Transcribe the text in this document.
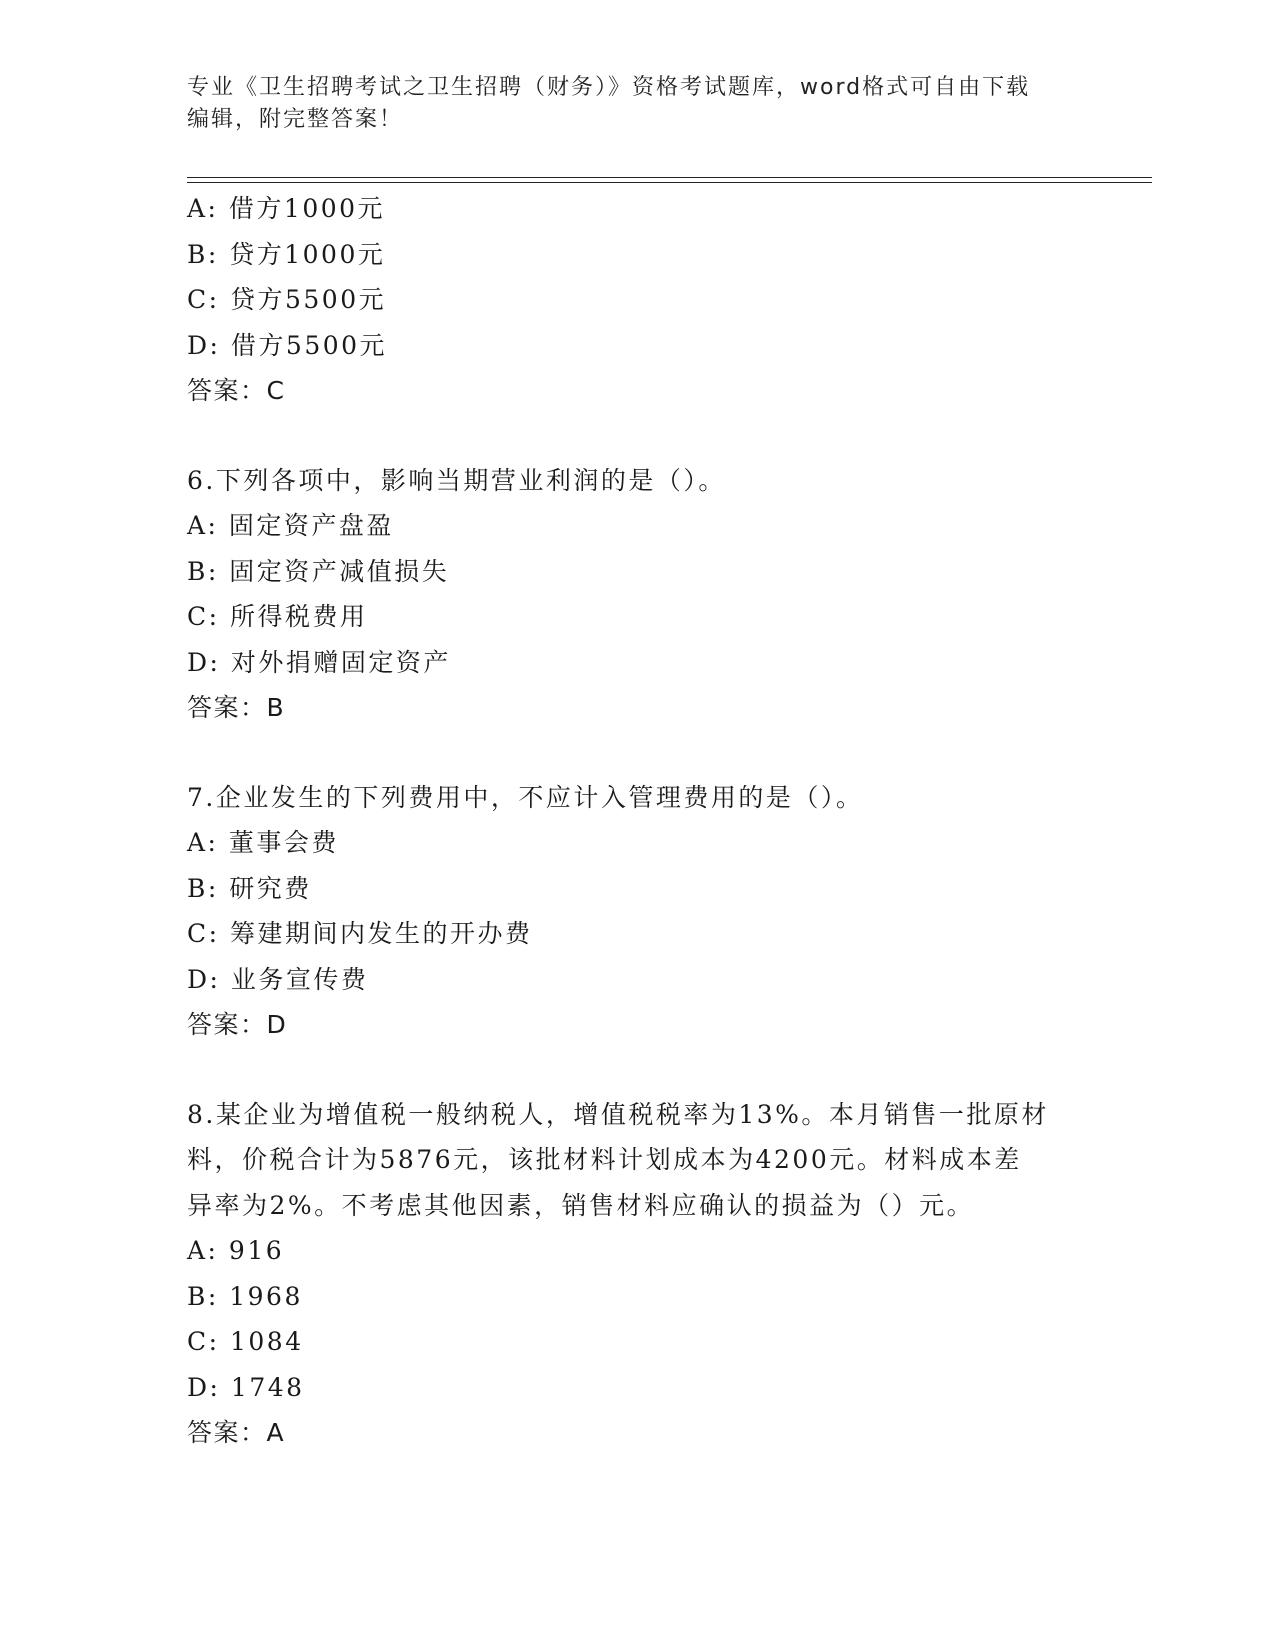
专业《卫生招聘考试之卫生招聘（财务）》资格考试题库，word格式可自由下载
编辑，附完整答案！
A: 借方1000元
B: 贷方1000元
C: 贷方5500元
D: 借方5500元
答案：C
6.下列各项中，影响当期营业利润的是（）。
A: 固定资产盘盈
B: 固定资产减值损失
C: 所得税费用
D: 对外捐赠固定资产
答案：B
7.企业发生的下列费用中，不应计入管理费用的是（）。
A: 董事会费
B: 研究费
C: 筹建期间内发生的开办费
D: 业务宣传费
答案：D
8.某企业为增值税一般纳税人，增值税税率为13%。本月销售一批原材
料，价税合计为5876元，该批材料计划成本为4200元。材料成本差
异率为2%。不考虑其他因素，销售材料应确认的损益为（）元。
A: 916
B: 1968
C: 1084
D: 1748
答案：A
